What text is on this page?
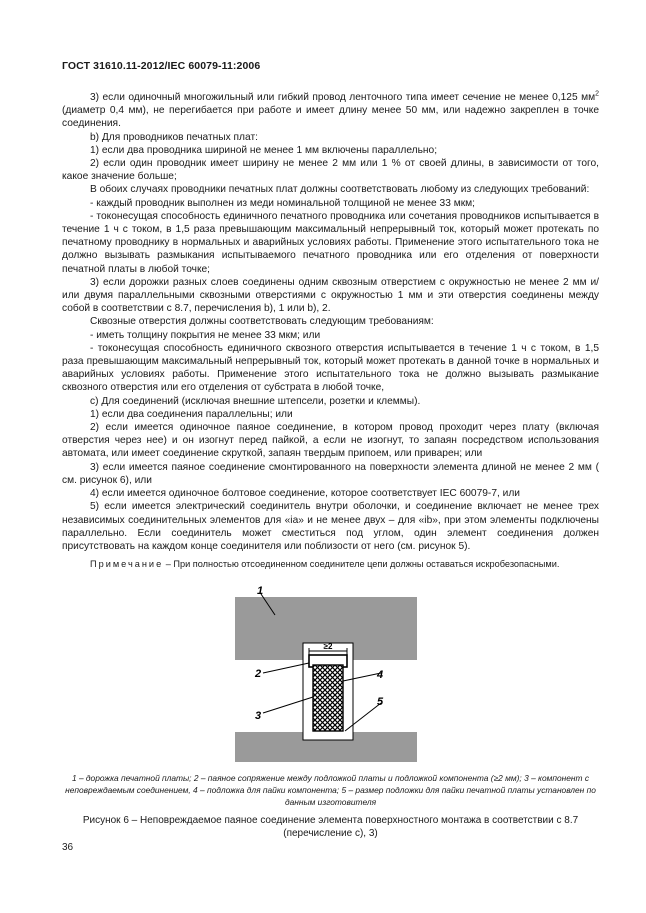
ГОСТ 31610.11-2012/IEC 60079-11:2006

3) если одиночный многожильный или гибкий провод ленточного типа имеет сечение не менее 0,125 $мм^2$ (диаметр 0,4 мм), не перегибается при работе и имеет длину менее 50 мм, или надежно закреплен в точке соединения.

b) Для проводников печатных плат:

1) если два проводника шириной не менее 1 мм включены параллельно;

2) если один проводник имеет ширину не менее 2 мм или 1 % от своей длины, в зависимости от того, какое значение больше;

В обоих случаях проводники печатных плат должны соответствовать любому из следующих требований:

- каждый проводник выполнен из меди номинальной толщиной не менее 33 мкм;

- токонесущая способность единичного печатного проводника или сочетания проводников испытывается в течение 1 ч с током, в 1,5 раза превышающим максимальный непрерывный ток, который может протекать по печатному проводнику в нормальных и аварийных условиях работы. Применение этого испытательного тока не должно вызывать размыкания испытываемого печатного проводника или его отделения от поверхности печатной платы в любой точке;

3) если дорожки разных слоев соединены одним сквозным отверстием с окружностью не менее 2 мм и/или двумя параллельными сквозными отверстиями с окружностью 1 мм и эти отверстия соединены между собой в соответствии с 8.7, перечисления b), 1 или b), 2.

Сквозные отверстия должны соответствовать следующим требованиям:

- иметь толщину покрытия не менее 33 мкм; или

- токонесущая способность единичного сквозного отверстия испытывается в течение 1 ч с током, в 1,5 раза превышающим максимальный непрерывный ток, который может протекать в данной точке в нормальных и аварийных условиях работы. Применение этого испытательного тока не должно вызывать размыкание сквозного отверстия или его отделения от субстрата в любой точке,

с) Для соединений (исключая внешние штепсели, розетки и клеммы).

1) если два соединения параллельны; или

2) если имеется одиночное паяное соединение, в котором провод проходит через плату (включая отверстия через нее) и он изогнут перед пайкой, а если не изогнут, то запаян посредством использования автомата, или имеет соединение скруткой, запаян твердым припоем, или приварен; или

3) если имеется паяное соединение смонтированного на поверхности элемента длиной не менее 2 мм ( см. рисунок 6), или

4) если имеется одиночное болтовое соединение, которое соответствует IEC 60079-7, или

5) если имеется электрический соединитель внутри оболочки, и соединение включает не менее трех независимых соединительных элементов для «ia» и не менее двух – для «ib», при этом элементы подключены параллельно. Если соединитель может сместиться под углом, один элемент соединения должен присутствовать на каждом конце соединителя или поблизости от него (см. рисунок 5).

Примечание – При полностью отсоединенном соединителе цепи должны оставаться искробезопасными.

≥2
1
2
3
4
5
1 – дорожка печатной платы; 2 – паяное сопряжение между подложкой платы и подложкой компонента (≥2 мм); 3 – компонент с неповреждаемым соединением, 4 – подложка для пайки компонента; 5 – размер подложки для пайки печатной платы установлен по данным изготовителя
Рисунок 6 – Неповреждаемое паяное соединение элемента поверхностного монтажа в соответствии с 8.7 (перечисление c), 3)
36
